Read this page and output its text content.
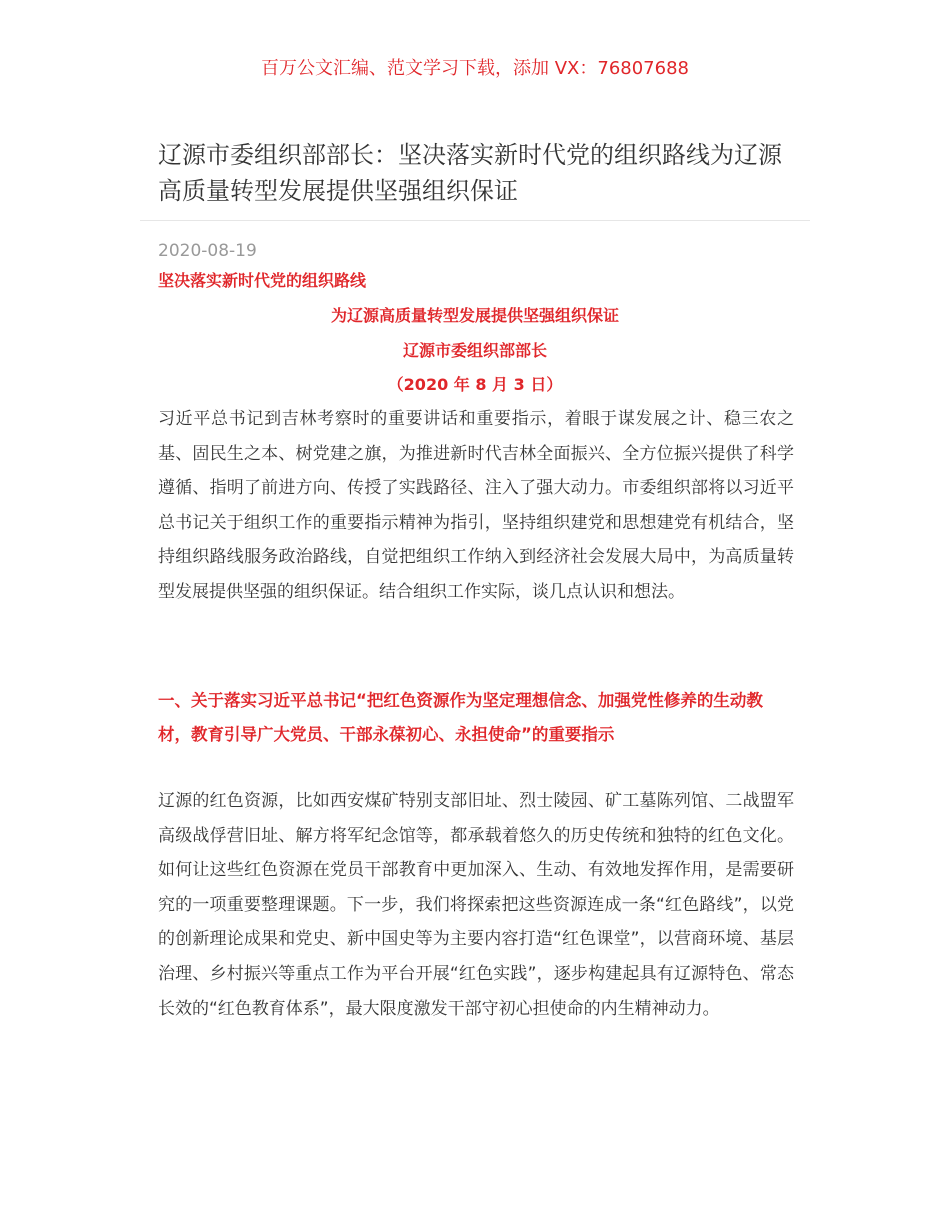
百万公文汇编、范文学习下载，添加 VX：76807688
辽源市委组织部部长：坚决落实新时代党的组织路线为辽源高质量转型发展提供坚强组织保证
2020-08-19
坚决落实新时代党的组织路线
为辽源高质量转型发展提供坚强组织保证
辽源市委组织部部长
（2020 年 8 月 3 日）

习近平总书记到吉林考察时的重要讲话和重要指示，着眼于谋发展之计、稳三农之基、固民生之本、树党建之旗，为推进新时代吉林全面振兴、全方位振兴提供了科学遵循、指明了前进方向、传授了实践路径、注入了强大动力。市委组织部将以习近平总书记关于组织工作的重要指示精神为指引，坚持组织建党和思想建党有机结合，坚持组织路线服务政治路线，自觉把组织工作纳入到经济社会发展大局中，为高质量转型发展提供坚强的组织保证。结合组织工作实际，谈几点认识和想法。

一、关于落实习近平总书记“把红色资源作为坚定理想信念、加强党性修养的生动教材，教育引导广大党员、干部永葆初心、永担使命”的重要指示

辽源的红色资源，比如西安煤矿特别支部旧址、烈士陵园、矿工墓陈列馆、二战盟军高级战俘营旧址、解方将军纪念馆等，都承载着悠久的历史传统和独特的红色文化。如何让这些红色资源在党员干部教育中更加深入、生动、有效地发挥作用，是需要研究的一项重要整理课题。下一步，我们将探索把这些资源连成一条“红色路线”，以党的创新理论成果和党史、新中国史等为主要内容打造“红色课堂”，以营商环境、基层治理、乡村振兴等重点工作为平台开展“红色实践”，逐步构建起具有辽源特色、常态长效的“红色教育体系”，最大限度激发干部守初心担使命的内生精神动力。
